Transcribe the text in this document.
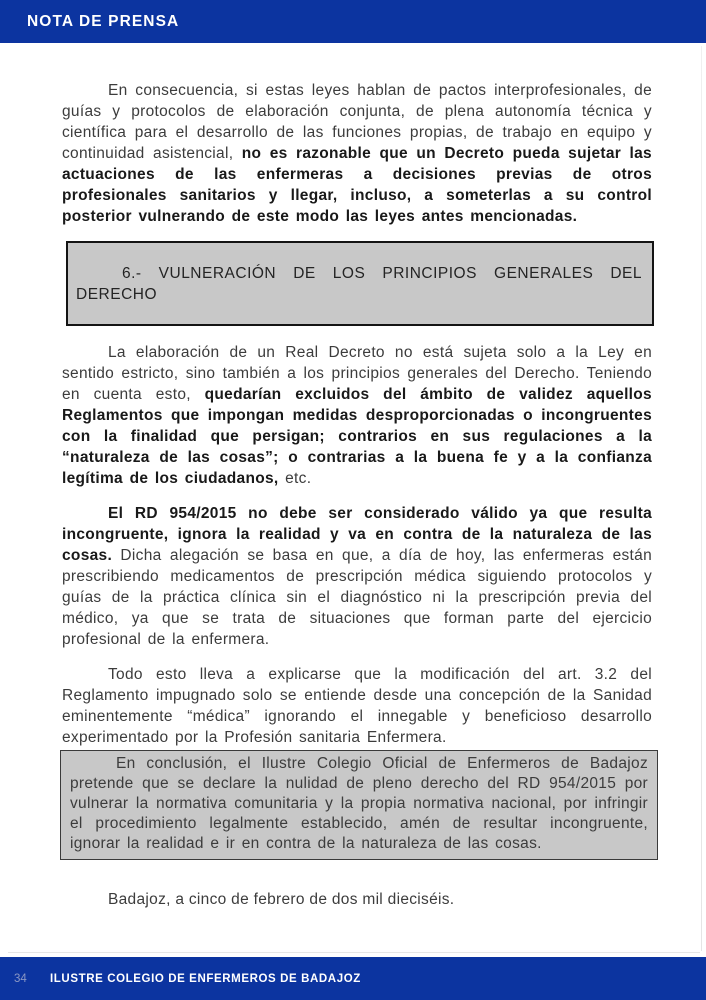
NOTA DE PRENSA

En consecuencia, si estas leyes hablan de pactos interprofesionales, de guías y protocolos de elaboración conjunta, de plena autonomía técnica y científica para el desarrollo de las funciones propias, de trabajo en equipo y continuidad asistencial, no es razonable que un Decreto pueda sujetar las actuaciones de las enfermeras a decisiones previas de otros profesionales sanitarios y llegar, incluso, a someterlas a su control posterior vulnerando de este modo las leyes antes mencionadas.

6.- VULNERACIÓN DE LOS PRINCIPIOS GENERALES DEL
DERECHO

La elaboración de un Real Decreto no está sujeta solo a la Ley en sentido estricto, sino también a los principios generales del Derecho. Teniendo en cuenta esto, quedarían excluidos del ámbito de validez aquellos Reglamentos que impongan medidas desproporcionadas o incongruentes con la finalidad que persigan; contrarios en sus regulaciones a la “naturaleza de las cosas”; o contrarias a la buena fe y a la confianza legítima de los ciudadanos, etc.

El RD 954/2015 no debe ser considerado válido ya que resulta incongruente, ignora la realidad y va en contra de la naturaleza de las cosas. Dicha alegación se basa en que, a día de hoy, las enfermeras están prescribiendo medicamentos de prescripción médica siguiendo protocolos y guías de la práctica clínica sin el diagnóstico ni la prescripción previa del médico, ya que se trata de situaciones que forman parte del ejercicio profesional de la enfermera.

Todo esto lleva a explicarse que la modificación del art. 3.2 del Reglamento impugnado solo se entiende desde una concepción de la Sanidad eminentemente “médica” ignorando el innegable y beneficioso desarrollo experimentado por la Profesión sanitaria Enfermera.

En conclusión, el Ilustre Colegio Oficial de Enfermeros de Badajoz pretende que se declare la nulidad de pleno derecho del RD 954/2015 por vulnerar la normativa comunitaria y la propia normativa nacional, por infringir el procedimiento legalmente establecido, amén de resultar incongruente, ignorar la realidad e ir en contra de la naturaleza de las cosas.

Badajoz, a cinco de febrero de dos mil dieciséis.

34	ILUSTRE COLEGIO DE ENFERMEROS DE BADAJOZ
